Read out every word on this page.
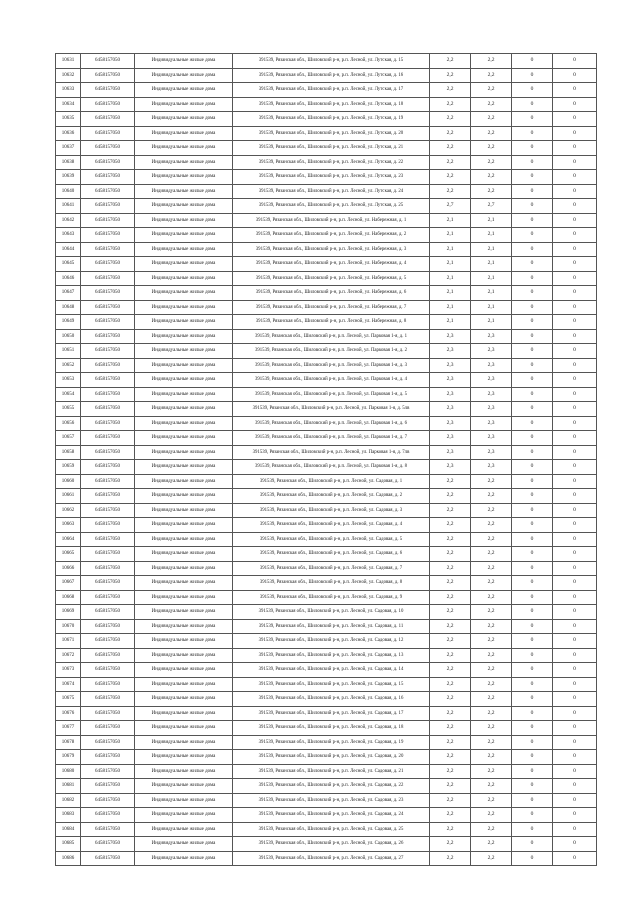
10631	6458157050	Индивидуальные жилые дома	391539, Рязанская обл., Шиловский р-н, р.п. Лесной, ул. Лутская, д. 15	2,2	2,2	0	0
10632	6458157050	Индивидуальные жилые дома	391539, Рязанская обл., Шиловский р-н, р.п. Лесной, ул. Лутская, д. 16	2,2	2,2	0	0
10633	6458157050	Индивидуальные жилые дома	391539, Рязанская обл., Шиловский р-н, р.п. Лесной, ул. Лутская, д. 17	2,2	2,2	0	0
10634	6458157050	Индивидуальные жилые дома	391539, Рязанская обл., Шиловский р-н, р.п. Лесной, ул. Лутская, д. 18	2,2	2,2	0	0
10635	6458157050	Индивидуальные жилые дома	391539, Рязанская обл., Шиловский р-н, р.п. Лесной, ул. Лутская, д. 19	2,2	2,2	0	0
10636	6458157050	Индивидуальные жилые дома	391539, Рязанская обл., Шиловский р-н, р.п. Лесной, ул. Лутская, д. 20	2,2	2,2	0	0
10637	6458157050	Индивидуальные жилые дома	391539, Рязанская обл., Шиловский р-н, р.п. Лесной, ул. Лутская, д. 21	2,2	2,2	0	0
10638	6458157050	Индивидуальные жилые дома	391539, Рязанская обл., Шиловский р-н, р.п. Лесной, ул. Лутская, д. 22	2,2	2,2	0	0
10639	6458157050	Индивидуальные жилые дома	391539, Рязанская обл., Шиловский р-н, р.п. Лесной, ул. Лутская, д. 23	2,2	2,2	0	0
10640	6458157050	Индивидуальные жилые дома	391539, Рязанская обл., Шиловский р-н, р.п. Лесной, ул. Лутская, д. 24	2,2	2,2	0	0
10641	6458157050	Индивидуальные жилые дома	391539, Рязанская обл., Шиловский р-н, р.п. Лесной, ул. Лутская, д. 25	2,7	2,7	0	0
10642	6458157050	Индивидуальные жилые дома	391539, Рязанская обл., Шиловский р-н, р.п. Лесной, ул. Набережная, д. 1	2,1	2,1	0	0
10643	6458157050	Индивидуальные жилые дома	391539, Рязанская обл., Шиловский р-н, р.п. Лесной, ул. Набережная, д. 2	2,1	2,1	0	0
10644	6458157050	Индивидуальные жилые дома	391539, Рязанская обл., Шиловский р-н, р.п. Лесной, ул. Набережная, д. 3	2,1	2,1	0	0
10645	6458157050	Индивидуальные жилые дома	391539, Рязанская обл., Шиловский р-н, р.п. Лесной, ул. Набережная, д. 4	2,1	2,1	0	0
10646	6458157050	Индивидуальные жилые дома	391539, Рязанская обл., Шиловский р-н, р.п. Лесной, ул. Набережная, д. 5	2,1	2,1	0	0
10647	6458157050	Индивидуальные жилые дома	391539, Рязанская обл., Шиловский р-н, р.п. Лесной, ул. Набережная, д. 6	2,1	2,1	0	0
10648	6458157050	Индивидуальные жилые дома	391539, Рязанская обл., Шиловский р-н, р.п. Лесной, ул. Набережная, д. 7	2,1	2,1	0	0
10649	6458157050	Индивидуальные жилые дома	391539, Рязанская обл., Шиловский р-н, р.п. Лесной, ул. Набережная, д. 8	2,1	2,1	0	0
10650	6458157050	Индивидуальные жилые дома	391539, Рязанская обл., Шиловский р-н, р.п. Лесной, ул. Парковая 1-я, д. 1	2,3	2,3	0	0
10651	6458157050	Индивидуальные жилые дома	391539, Рязанская обл., Шиловский р-н, р.п. Лесной, ул. Парковая 1-я, д. 2	2,3	2,3	0	0
10652	6458157050	Индивидуальные жилые дома	391539, Рязанская обл., Шиловский р-н, р.п. Лесной, ул. Парковая 1-я, д. 3	2,3	2,3	0	0
10653	6458157050	Индивидуальные жилые дома	391539, Рязанская обл., Шиловский р-н, р.п. Лесной, ул. Парковая 1-я, д. 4	2,3	2,3	0	0
10654	6458157050	Индивидуальные жилые дома	391539, Рязанская обл., Шиловский р-н, р.п. Лесной, ул. Парковая 1-я, д. 5	2,3	2,3	0	0
10655	6458157050	Индивидуальные жилые дома	391539, Рязанская обл., Шиловский р-н, р.п. Лесной, ул. Парковая 1-я, д. 5лв	2,3	2,3	0	0
10656	6458157050	Индивидуальные жилые дома	391539, Рязанская обл., Шиловский р-н, р.п. Лесной, ул. Парковая 1-я, д. 6	2,3	2,3	0	0
10657	6458157050	Индивидуальные жилые дома	391539, Рязанская обл., Шиловский р-н, р.п. Лесной, ул. Парковая 1-я, д. 7	2,3	2,3	0	0
10658	6458157050	Индивидуальные жилые дома	391539, Рязанская обл., Шиловский р-н, р.п. Лесной, ул. Парковая 1-я, д. 7лв	2,3	2,3	0	0
10659	6458157050	Индивидуальные жилые дома	391539, Рязанская обл., Шиловский р-н, р.п. Лесной, ул. Парковая 1-я, д. 8	2,3	2,3	0	0
10660	6458157050	Индивидуальные жилые дома	391539, Рязанская обл., Шиловский р-н, р.п. Лесной, ул. Садовая, д. 1	2,2	2,2	0	0
10661	6458157050	Индивидуальные жилые дома	391539, Рязанская обл., Шиловский р-н, р.п. Лесной, ул. Садовая, д. 2	2,2	2,2	0	0
10662	6458157050	Индивидуальные жилые дома	391539, Рязанская обл., Шиловский р-н, р.п. Лесной, ул. Садовая, д. 3	2,2	2,2	0	0
10663	6458157050	Индивидуальные жилые дома	391539, Рязанская обл., Шиловский р-н, р.п. Лесной, ул. Садовая, д. 4	2,2	2,2	0	0
10664	6458157050	Индивидуальные жилые дома	391539, Рязанская обл., Шиловский р-н, р.п. Лесной, ул. Садовая, д. 5	2,2	2,2	0	0
10665	6458157050	Индивидуальные жилые дома	391539, Рязанская обл., Шиловский р-н, р.п. Лесной, ул. Садовая, д. 6	2,2	2,2	0	0
10666	6458157050	Индивидуальные жилые дома	391539, Рязанская обл., Шиловский р-н, р.п. Лесной, ул. Садовая, д. 7	2,2	2,2	0	0
10667	6458157050	Индивидуальные жилые дома	391539, Рязанская обл., Шиловский р-н, р.п. Лесной, ул. Садовая, д. 8	2,2	2,2	0	0
10668	6458157050	Индивидуальные жилые дома	391539, Рязанская обл., Шиловский р-н, р.п. Лесной, ул. Садовая, д. 9	2,2	2,2	0	0
10669	6458157050	Индивидуальные жилые дома	391539, Рязанская обл., Шиловский р-н, р.п. Лесной, ул. Садовая, д. 10	2,2	2,2	0	0
10670	6458157050	Индивидуальные жилые дома	391539, Рязанская обл., Шиловский р-н, р.п. Лесной, ул. Садовая, д. 11	2,2	2,2	0	0
10671	6458157050	Индивидуальные жилые дома	391539, Рязанская обл., Шиловский р-н, р.п. Лесной, ул. Садовая, д. 12	2,2	2,2	0	0
10672	6458157050	Индивидуальные жилые дома	391539, Рязанская обл., Шиловский р-н, р.п. Лесной, ул. Садовая, д. 13	2,2	2,2	0	0
10673	6458157050	Индивидуальные жилые дома	391539, Рязанская обл., Шиловский р-н, р.п. Лесной, ул. Садовая, д. 14	2,2	2,2	0	0
10674	6458157050	Индивидуальные жилые дома	391539, Рязанская обл., Шиловский р-н, р.п. Лесной, ул. Садовая, д. 15	2,2	2,2	0	0
10675	6458157050	Индивидуальные жилые дома	391539, Рязанская обл., Шиловский р-н, р.п. Лесной, ул. Садовая, д. 16	2,2	2,2	0	0
10676	6458157050	Индивидуальные жилые дома	391539, Рязанская обл., Шиловский р-н, р.п. Лесной, ул. Садовая, д. 17	2,2	2,2	0	0
10677	6458157050	Индивидуальные жилые дома	391539, Рязанская обл., Шиловский р-н, р.п. Лесной, ул. Садовая, д. 18	2,2	2,2	0	0
10678	6458157050	Индивидуальные жилые дома	391539, Рязанская обл., Шиловский р-н, р.п. Лесной, ул. Садовая, д. 19	2,2	2,2	0	0
10679	6458157050	Индивидуальные жилые дома	391539, Рязанская обл., Шиловский р-н, р.п. Лесной, ул. Садовая, д. 20	2,2	2,2	0	0
10680	6458157050	Индивидуальные жилые дома	391539, Рязанская обл., Шиловский р-н, р.п. Лесной, ул. Садовая, д. 21	2,2	2,2	0	0
10681	6458157050	Индивидуальные жилые дома	391539, Рязанская обл., Шиловский р-н, р.п. Лесной, ул. Садовая, д. 22	2,2	2,2	0	0
10682	6458157050	Индивидуальные жилые дома	391539, Рязанская обл., Шиловский р-н, р.п. Лесной, ул. Садовая, д. 23	2,2	2,2	0	0
10683	6458157050	Индивидуальные жилые дома	391539, Рязанская обл., Шиловский р-н, р.п. Лесной, ул. Садовая, д. 24	2,2	2,2	0	0
10684	6458157050	Индивидуальные жилые дома	391539, Рязанская обл., Шиловский р-н, р.п. Лесной, ул. Садовая, д. 25	2,2	2,2	0	0
10685	6458157050	Индивидуальные жилые дома	391539, Рязанская обл., Шиловский р-н, р.п. Лесной, ул. Садовая, д. 26	2,2	2,2	0	0
10686	6458157050	Индивидуальные жилые дома	391539, Рязанская обл., Шиловский р-н, р.п. Лесной, ул. Садовая, д. 27	2,2	2,2	0	0
